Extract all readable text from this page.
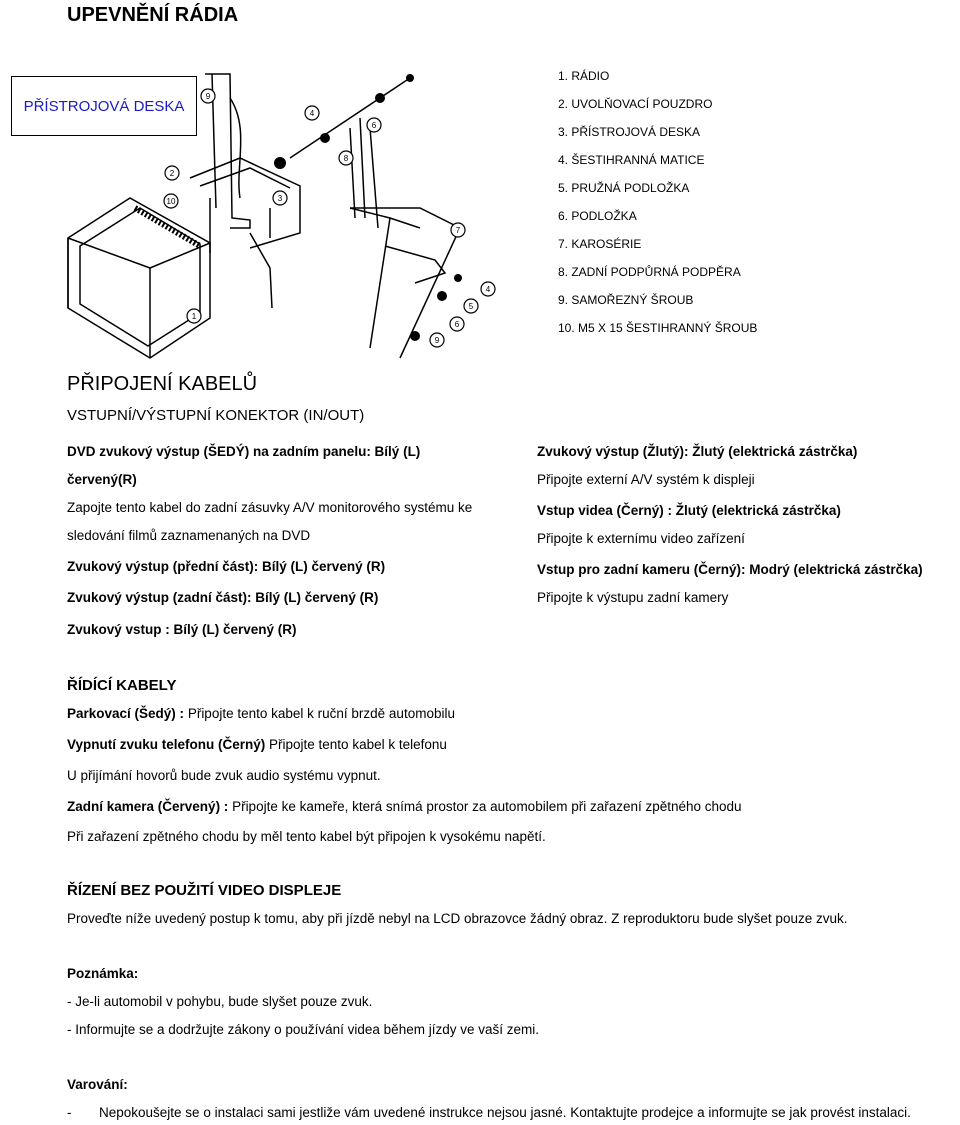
UPEVNĚNÍ RÁDIA
PŘÍSTROJOVÁ DESKA
9
4
6
8
2
10
1
3
7
4
5
6
9
1. RÁDIO
2. UVOLŇOVACÍ POUZDRO
3. PŘÍSTROJOVÁ DESKA
4. ŠESTIHRANNÁ MATICE
5. PRUŽNÁ PODLOŽKA
6. PODLOŽKA
7. KAROSÉRIE
8. ZADNÍ PODPŮRNÁ PODPĚRA
9. SAMOŘEZNÝ ŠROUB
10. M5 X 15 ŠESTIHRANNÝ ŠROUB
PŘIPOJENÍ KABELŮ
VSTUPNÍ/VÝSTUPNÍ KONEKTOR (IN/OUT)
DVD zvukový výstup (ŠEDÝ) na zadním panelu: Bílý (L)
červený(R)
Zapojte tento kabel do zadní zásuvky A/V monitorového systému ke
sledování filmů zaznamenaných na DVD
Zvukový výstup (přední část): Bílý (L) červený (R)
Zvukový výstup (zadní část): Bílý (L) červený (R)
Zvukový vstup : Bílý (L) červený (R)
Zvukový výstup (Žlutý): Žlutý (elektrická zástrčka)
Připojte externí A/V systém k displeji
Vstup videa (Černý) : Žlutý (elektrická zástrčka)
Připojte k externímu video zařízení
Vstup pro zadní kameru (Černý): Modrý (elektrická zástrčka)
Připojte k výstupu zadní kamery
ŘÍDÍCÍ KABELY
Parkovací (Šedý) : Připojte tento kabel k ruční brzdě automobilu
Vypnutí zvuku telefonu (Černý) Připojte tento kabel k telefonu
U přijímání hovorů bude zvuk audio systému vypnut.
Zadní kamera (Červený) : Připojte ke kameře, která snímá prostor za automobilem při zařazení zpětného chodu
Při zařazení zpětného chodu by měl tento kabel být připojen k vysokému napětí.
ŘÍZENÍ BEZ POUŽITÍ VIDEO DISPLEJE
Proveďte níže uvedený postup k tomu, aby při jízdě nebyl na LCD obrazovce žádný obraz. Z reproduktoru bude slyšet pouze zvuk.
Poznámka:
- Je-li automobil v pohybu, bude slyšet pouze zvuk.
- Informujte se a dodržujte zákony o používání videa během jízdy ve vaší zemi.
Varování:
- Nepokoušejte se o instalaci sami jestliže vám uvedené instrukce nejsou jasné. Kontaktujte prodejce a informujte se jak provést instalaci.
